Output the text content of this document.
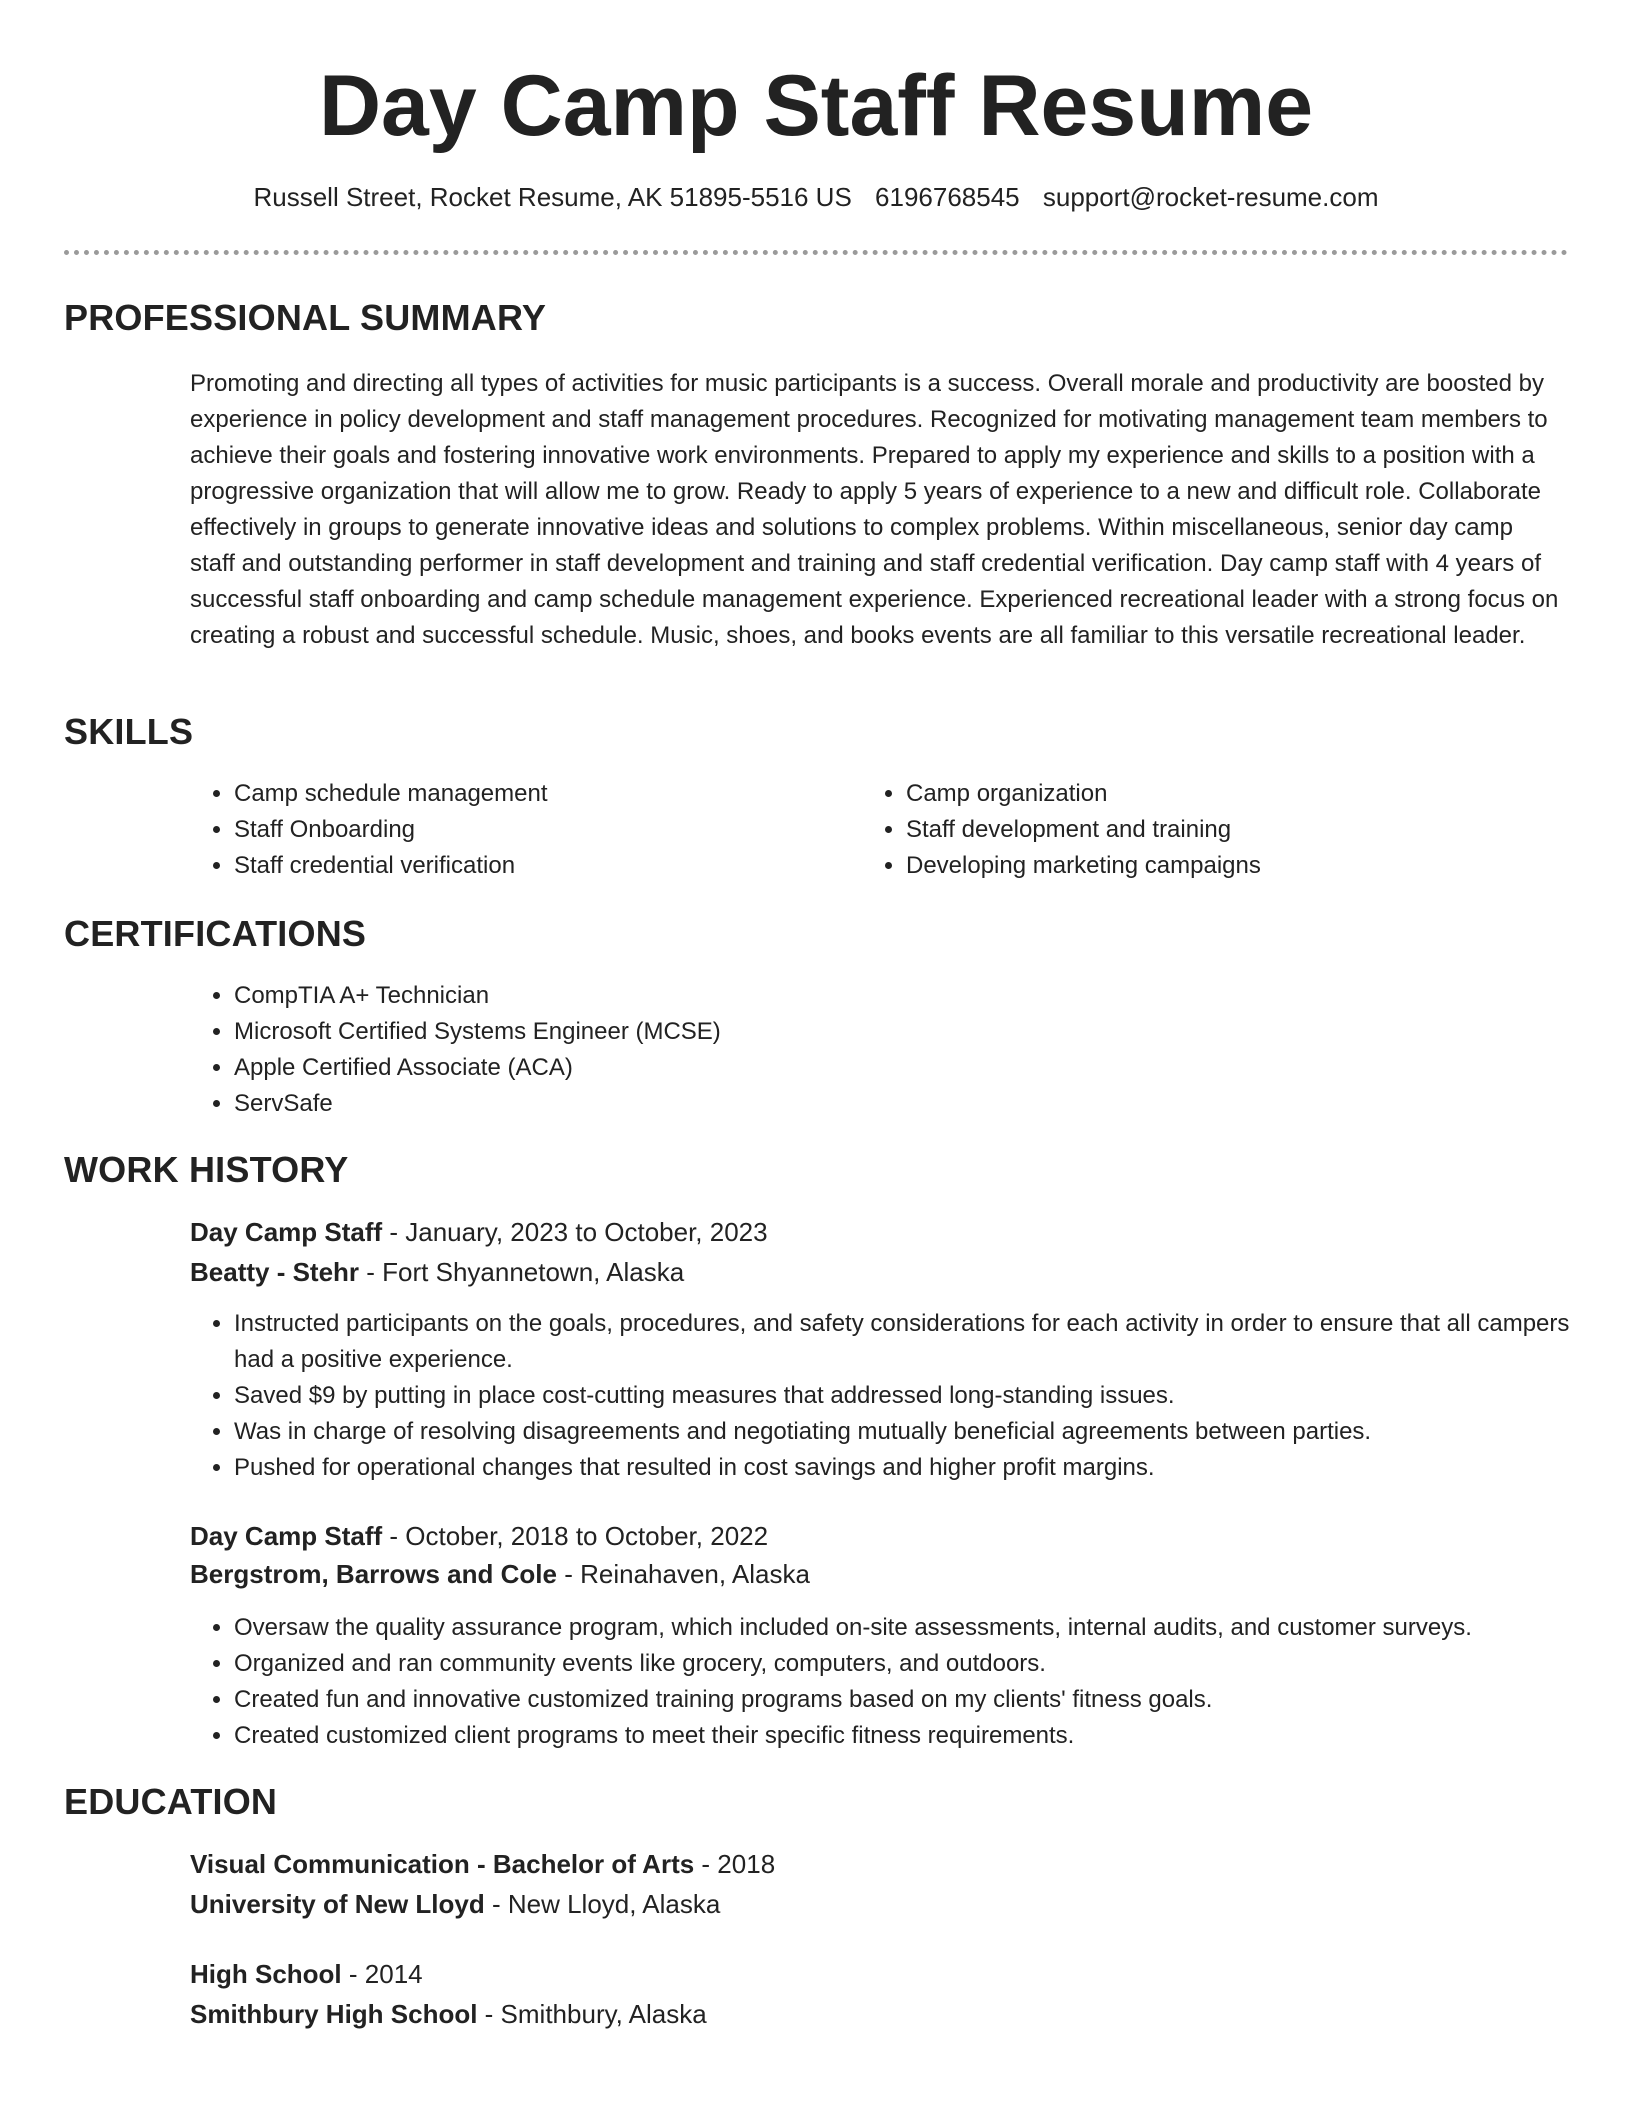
Day Camp Staff Resume
Russell Street, Rocket Resume, AK 51895-5516 US 6196768545 support@rocket-resume.com
PROFESSIONAL SUMMARY

Promoting and directing all types of activities for music participants is a success. Overall morale and productivity are boosted by experience in policy development and staff management procedures. Recognized for motivating management team members to achieve their goals and fostering innovative work environments. Prepared to apply my experience and skills to a position with a progressive organization that will allow me to grow. Ready to apply 5 years of experience to a new and difficult role. Collaborate effectively in groups to generate innovative ideas and solutions to complex problems. Within miscellaneous, senior day camp staff and outstanding performer in staff development and training and staff credential verification. Day camp staff with 4 years of successful staff onboarding and camp schedule management experience. Experienced recreational leader with a strong focus on creating a robust and successful schedule. Music, shoes, and books events are all familiar to this versatile recreational leader.

SKILLS
• Camp schedule management
• Staff Onboarding
• Staff credential verification
• Camp organization
• Staff development and training
• Developing marketing campaigns
CERTIFICATIONS
• CompTIA A+ Technician
• Microsoft Certified Systems Engineer (MCSE)
• Apple Certified Associate (ACA)
• ServSafe
WORK HISTORY
Day Camp Staff - January, 2023 to October, 2023
Beatty - Stehr - Fort Shyannetown, Alaska
• Instructed participants on the goals, procedures, and safety considerations for each activity in order to ensure that all campers had a positive experience.
• Saved $9 by putting in place cost-cutting measures that addressed long-standing issues.
• Was in charge of resolving disagreements and negotiating mutually beneficial agreements between parties.
• Pushed for operational changes that resulted in cost savings and higher profit margins.
Day Camp Staff - October, 2018 to October, 2022
Bergstrom, Barrows and Cole - Reinahaven, Alaska
• Oversaw the quality assurance program, which included on-site assessments, internal audits, and customer surveys.
• Organized and ran community events like grocery, computers, and outdoors.
• Created fun and innovative customized training programs based on my clients' fitness goals.
• Created customized client programs to meet their specific fitness requirements.
EDUCATION
Visual Communication - Bachelor of Arts - 2018
University of New Lloyd - New Lloyd, Alaska
High School - 2014
Smithbury High School - Smithbury, Alaska
